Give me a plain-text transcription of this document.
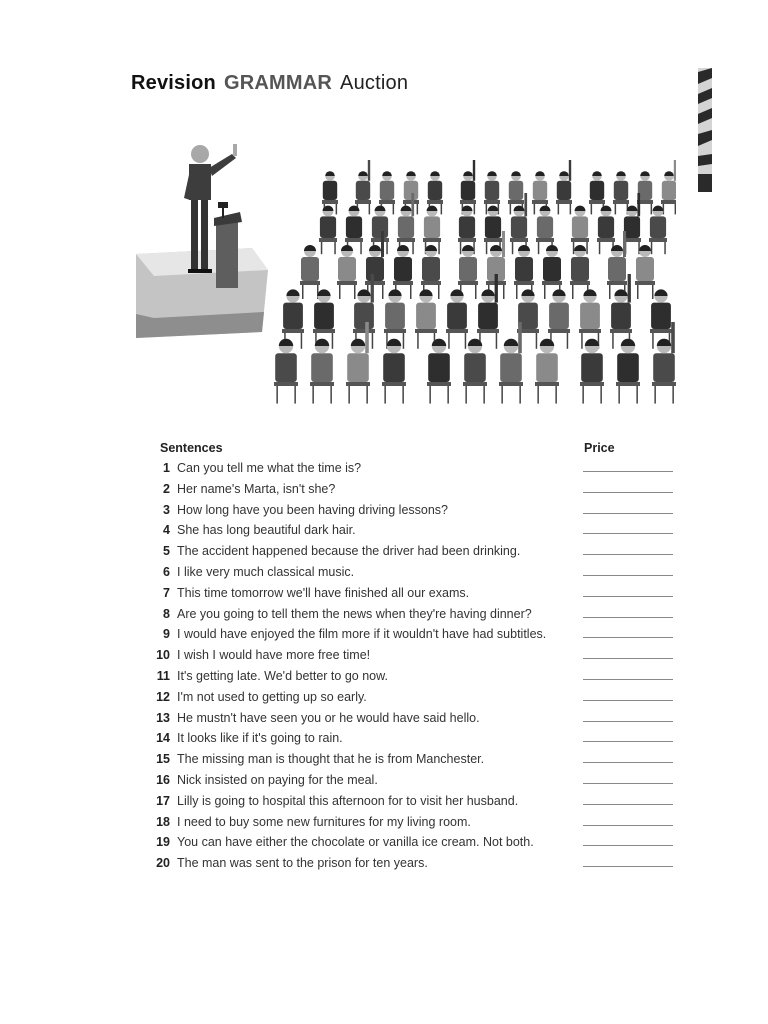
Revision GRAMMAR Auction
Sentences	Price
1 Can you tell me what the time is?
2 Her name's Marta, isn't she?
3 How long have you been having driving lessons?
4 She has long beautiful dark hair.
5 The accident happened because the driver had been drinking.
6 I like very much classical music.
7 This time tomorrow we'll have finished all our exams.
8 Are you going to tell them the news when they're having dinner?
9 I would have enjoyed the film more if it wouldn't have had subtitles.
10 I wish I would have more free time!
11 It's getting late. We'd better to go now.
12 I'm not used to getting up so early.
13 He mustn't have seen you or he would have said hello.
14 It looks like if it's going to rain.
15 The missing man is thought that he is from Manchester.
16 Nick insisted on paying for the meal.
17 Lilly is going to hospital this afternoon for to visit her husband.
18 I need to buy some new furnitures for my living room.
19 You can have either the chocolate or vanilla ice cream. Not both.
20 The man was sent to the prison for ten years.
